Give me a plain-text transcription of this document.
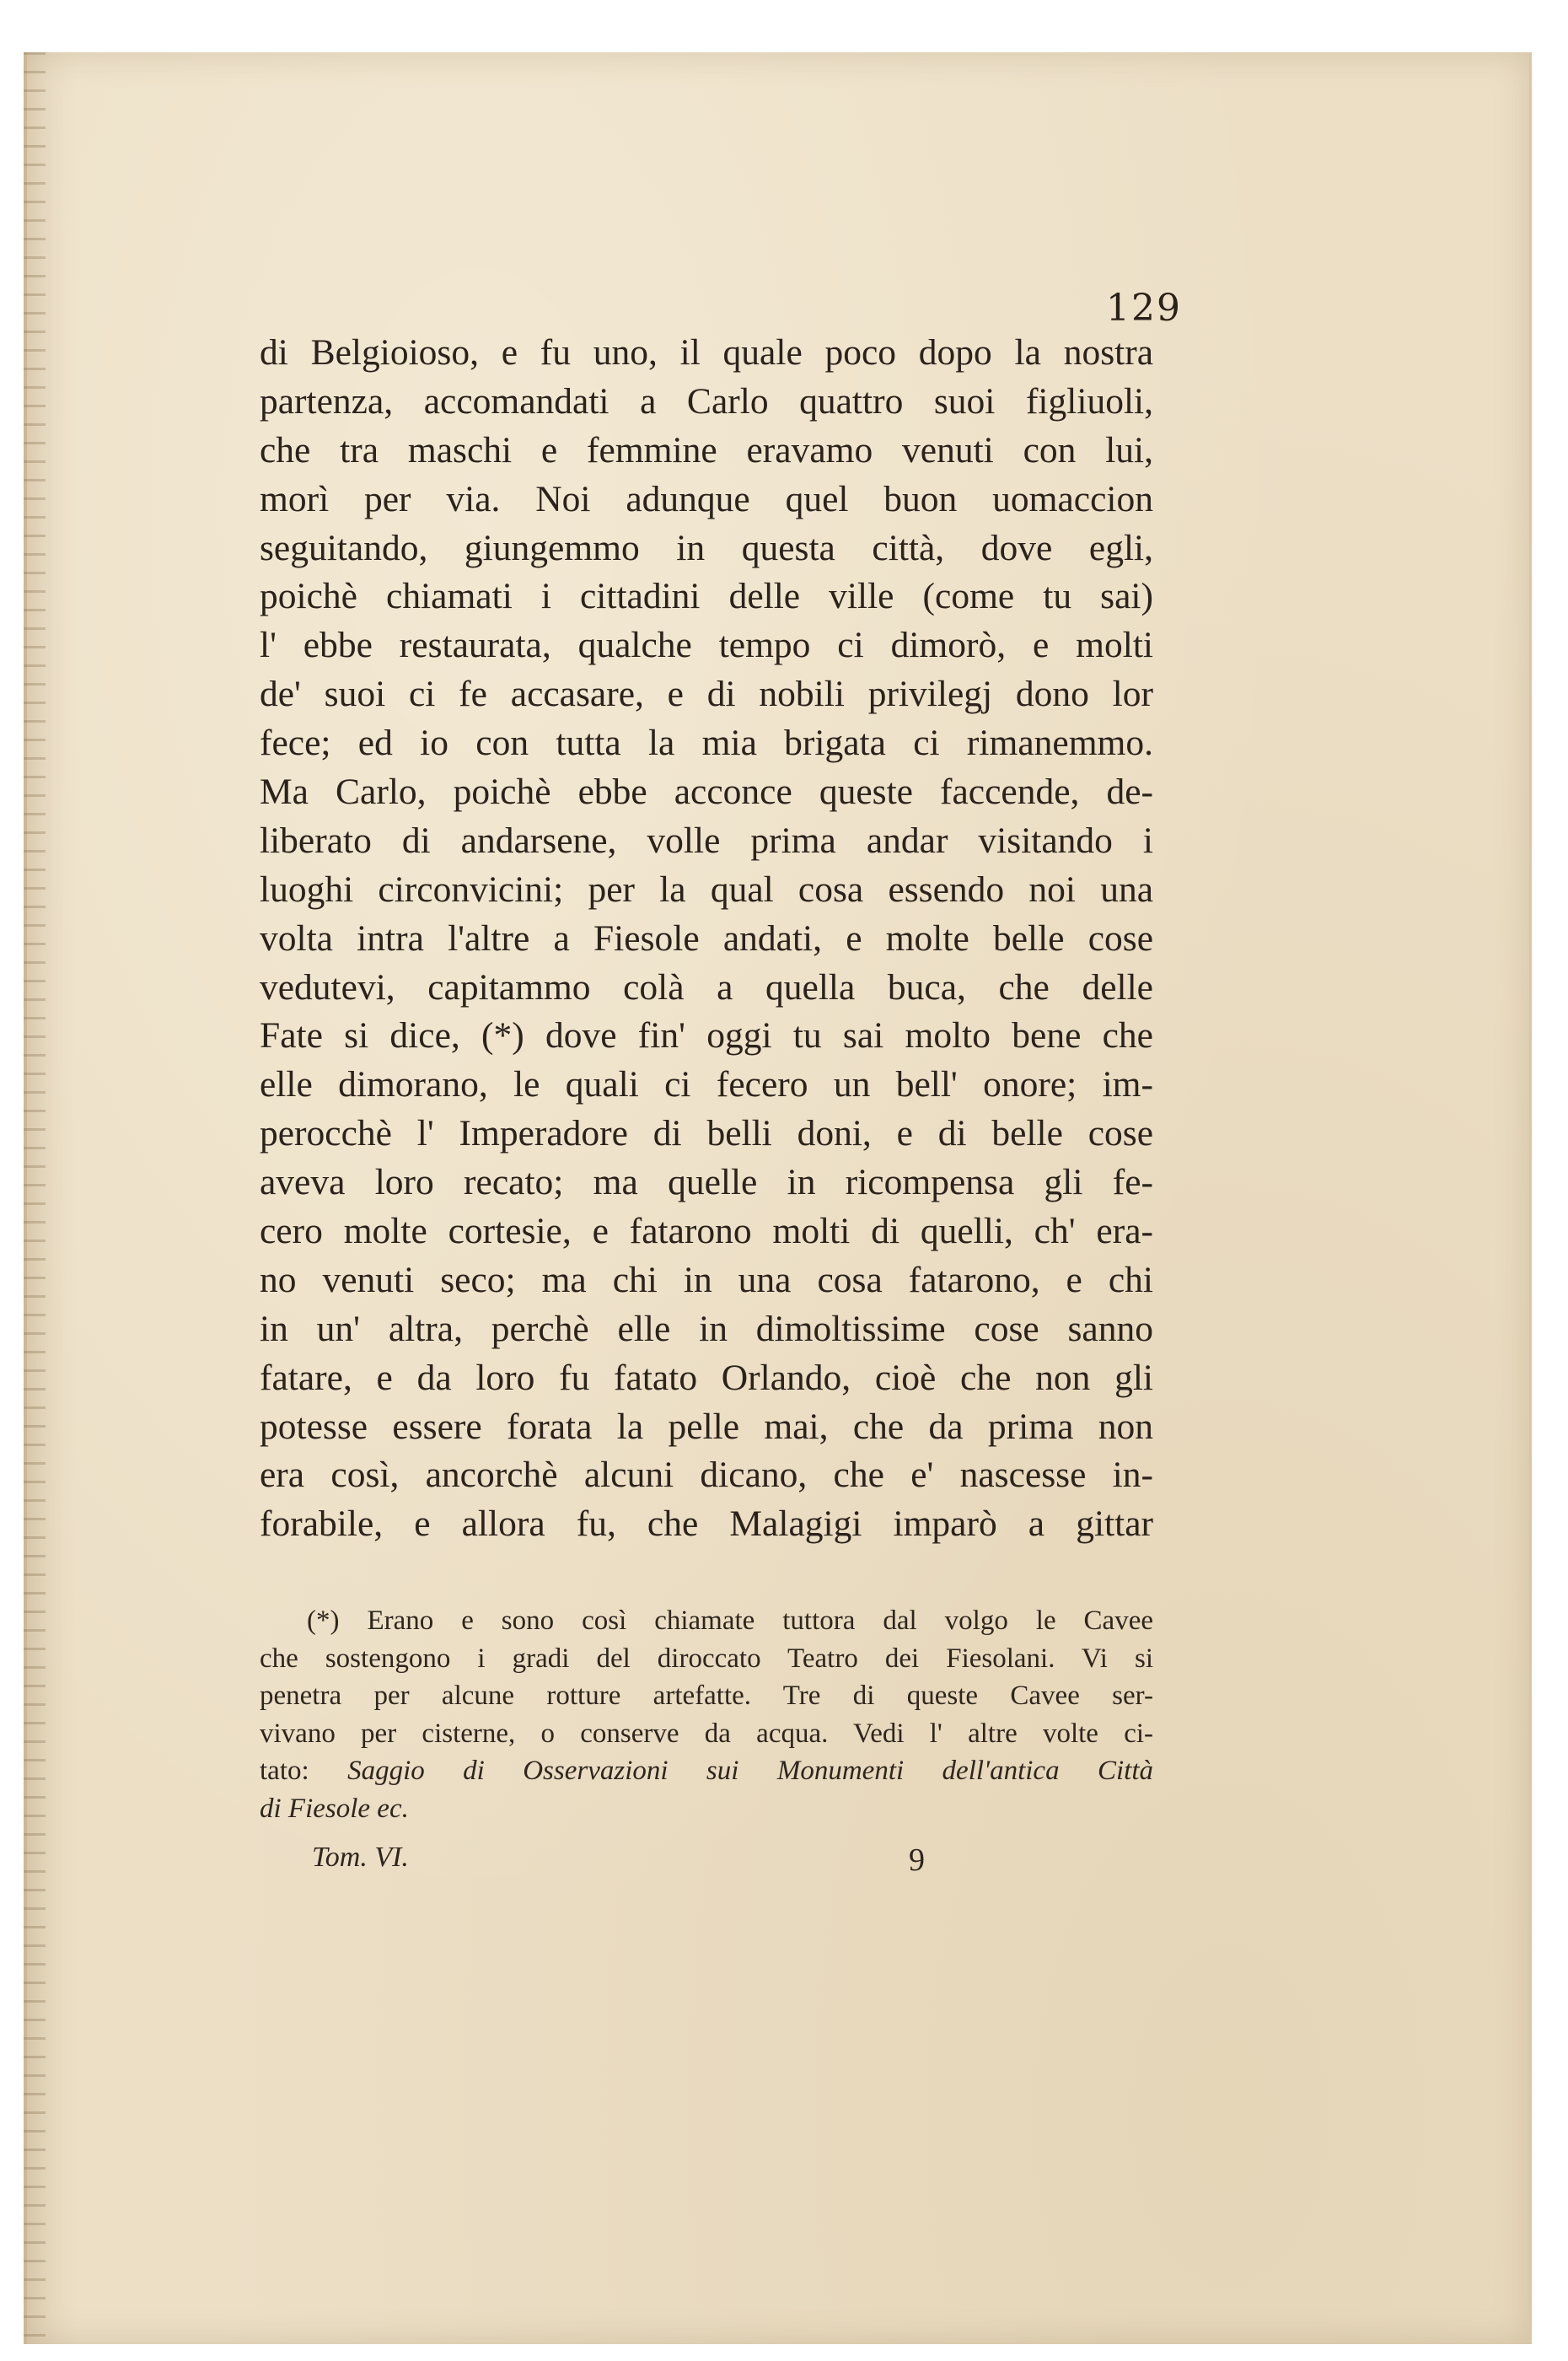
129
di Belgioioso, e fu uno, il quale poco dopo la nostra
partenza, accomandati a Carlo quattro suoi figliuoli,
che tra maschi e femmine eravamo venuti con lui,
morì per via. Noi adunque quel buon uomaccion
seguitando, giungemmo in questa città, dove egli,
poichè chiamati i cittadini delle ville (come tu sai)
l' ebbe restaurata, qualche tempo ci dimorò, e molti
de' suoi ci fe accasare, e di nobili privilegj dono lor
fece; ed io con tutta la mia brigata ci rimanemmo.
Ma Carlo, poichè ebbe acconce queste faccende, de-
liberato di andarsene, volle prima andar visitando i
luoghi circonvicini; per la qual cosa essendo noi una
volta intra l'altre a Fiesole andati, e molte belle cose
vedutevi, capitammo colà a quella buca, che delle
Fate si dice, (*) dove fin' oggi tu sai molto bene che
elle dimorano, le quali ci fecero un bell' onore; im-
perocchè l' Imperadore di belli doni, e di belle cose
aveva loro recato; ma quelle in ricompensa gli fe-
cero molte cortesie, e fatarono molti di quelli, ch' era-
no venuti seco; ma chi in una cosa fatarono, e chi
in un' altra, perchè elle in dimoltissime cose sanno
fatare, e da loro fu fatato Orlando, cioè che non gli
potesse essere forata la pelle mai, che da prima non
era così, ancorchè alcuni dicano, che e' nascesse in-
forabile, e allora fu, che Malagigi imparò a gittar
(*) Erano e sono così chiamate tuttora dal volgo le Cavee
che sostengono i gradi del diroccato Teatro dei Fiesolani. Vi si
penetra per alcune rotture artefatte. Tre di queste Cavee ser-
vivano per cisterne, o conserve da acqua. Vedi l' altre volte ci-
tato: Saggio di Osservazioni sui Monumenti dell'antica Città
di Fiesole ec.
Tom. VI.	9
